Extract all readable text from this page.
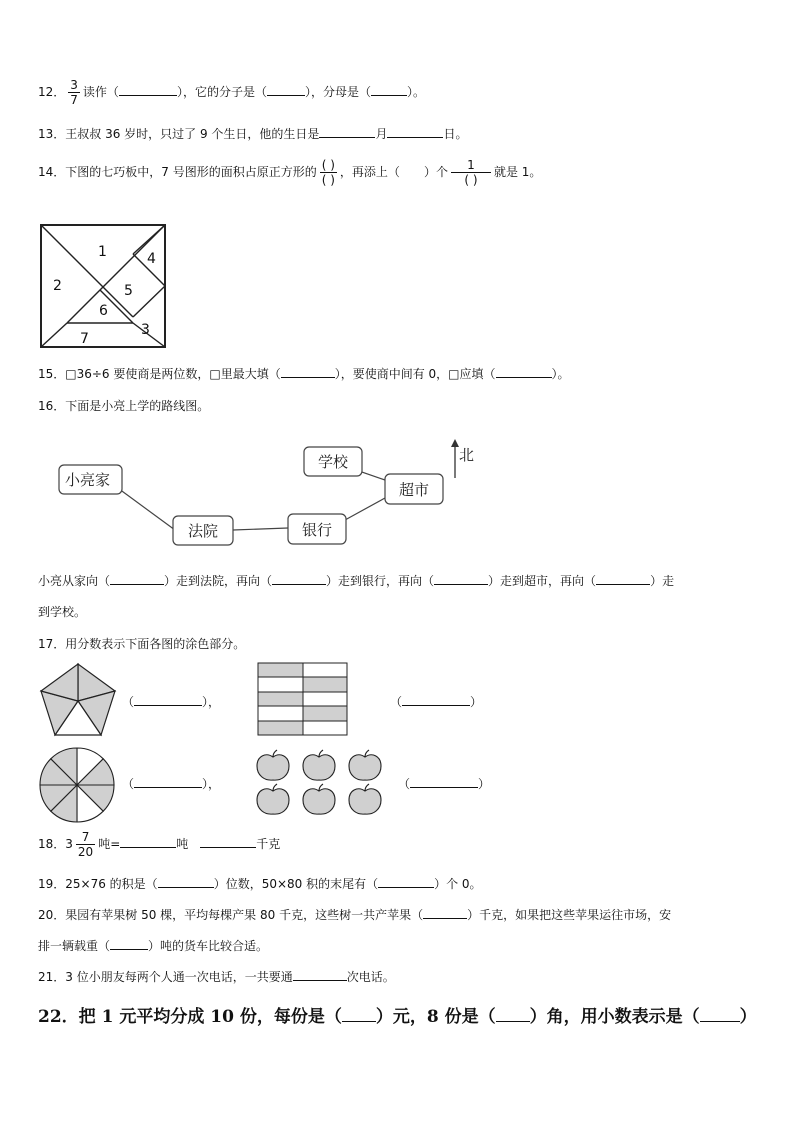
12． $\frac{3}{7}$ 读作（	），它的分子是（	），分母是（	）。
13．王叔叔 36 岁时，只过了 9 个生日，他的生日是	月	日。
14．下图的七巧板中，7 号图形的面积占原正方形的 $\frac{( )}{( )}$ ，再添上（ ）个 $\frac{1}{( )}$ 就是 1。
1
2
4
5
6
7
3
15．□36÷6 要使商是两位数，□里最大填（	），要使商中间有 0，□应填（	）。
16．下面是小亮上学的路线图。
小亮家
法院	银行
学校
超市
北
小亮从家向（	）走到法院，再向（	）走到银行，再向（	）走到超市，再向（	）走
到学校。
17．用分数表示下面各图的涂色部分。
（	），	（	）
（	），	（	）
18．$3 \frac{7}{20}$ 吨=	吨	千克
19．25×76 的积是（	）位数，50×80 积的末尾有（	）个 0。
20．果园有苹果树 50 棵，平均每棵产果 80 千克，这些树一共产苹果（	）千克，如果把这些苹果运往市场，安
排一辆载重（	）吨的货车比较合适。
21．3 位小朋友每两个人通一次电话，一共要通	次电话。
22．把 1 元平均分成 10 份，每份是（ ）元，8 份是（ ）角，用小数表示是（ ）
